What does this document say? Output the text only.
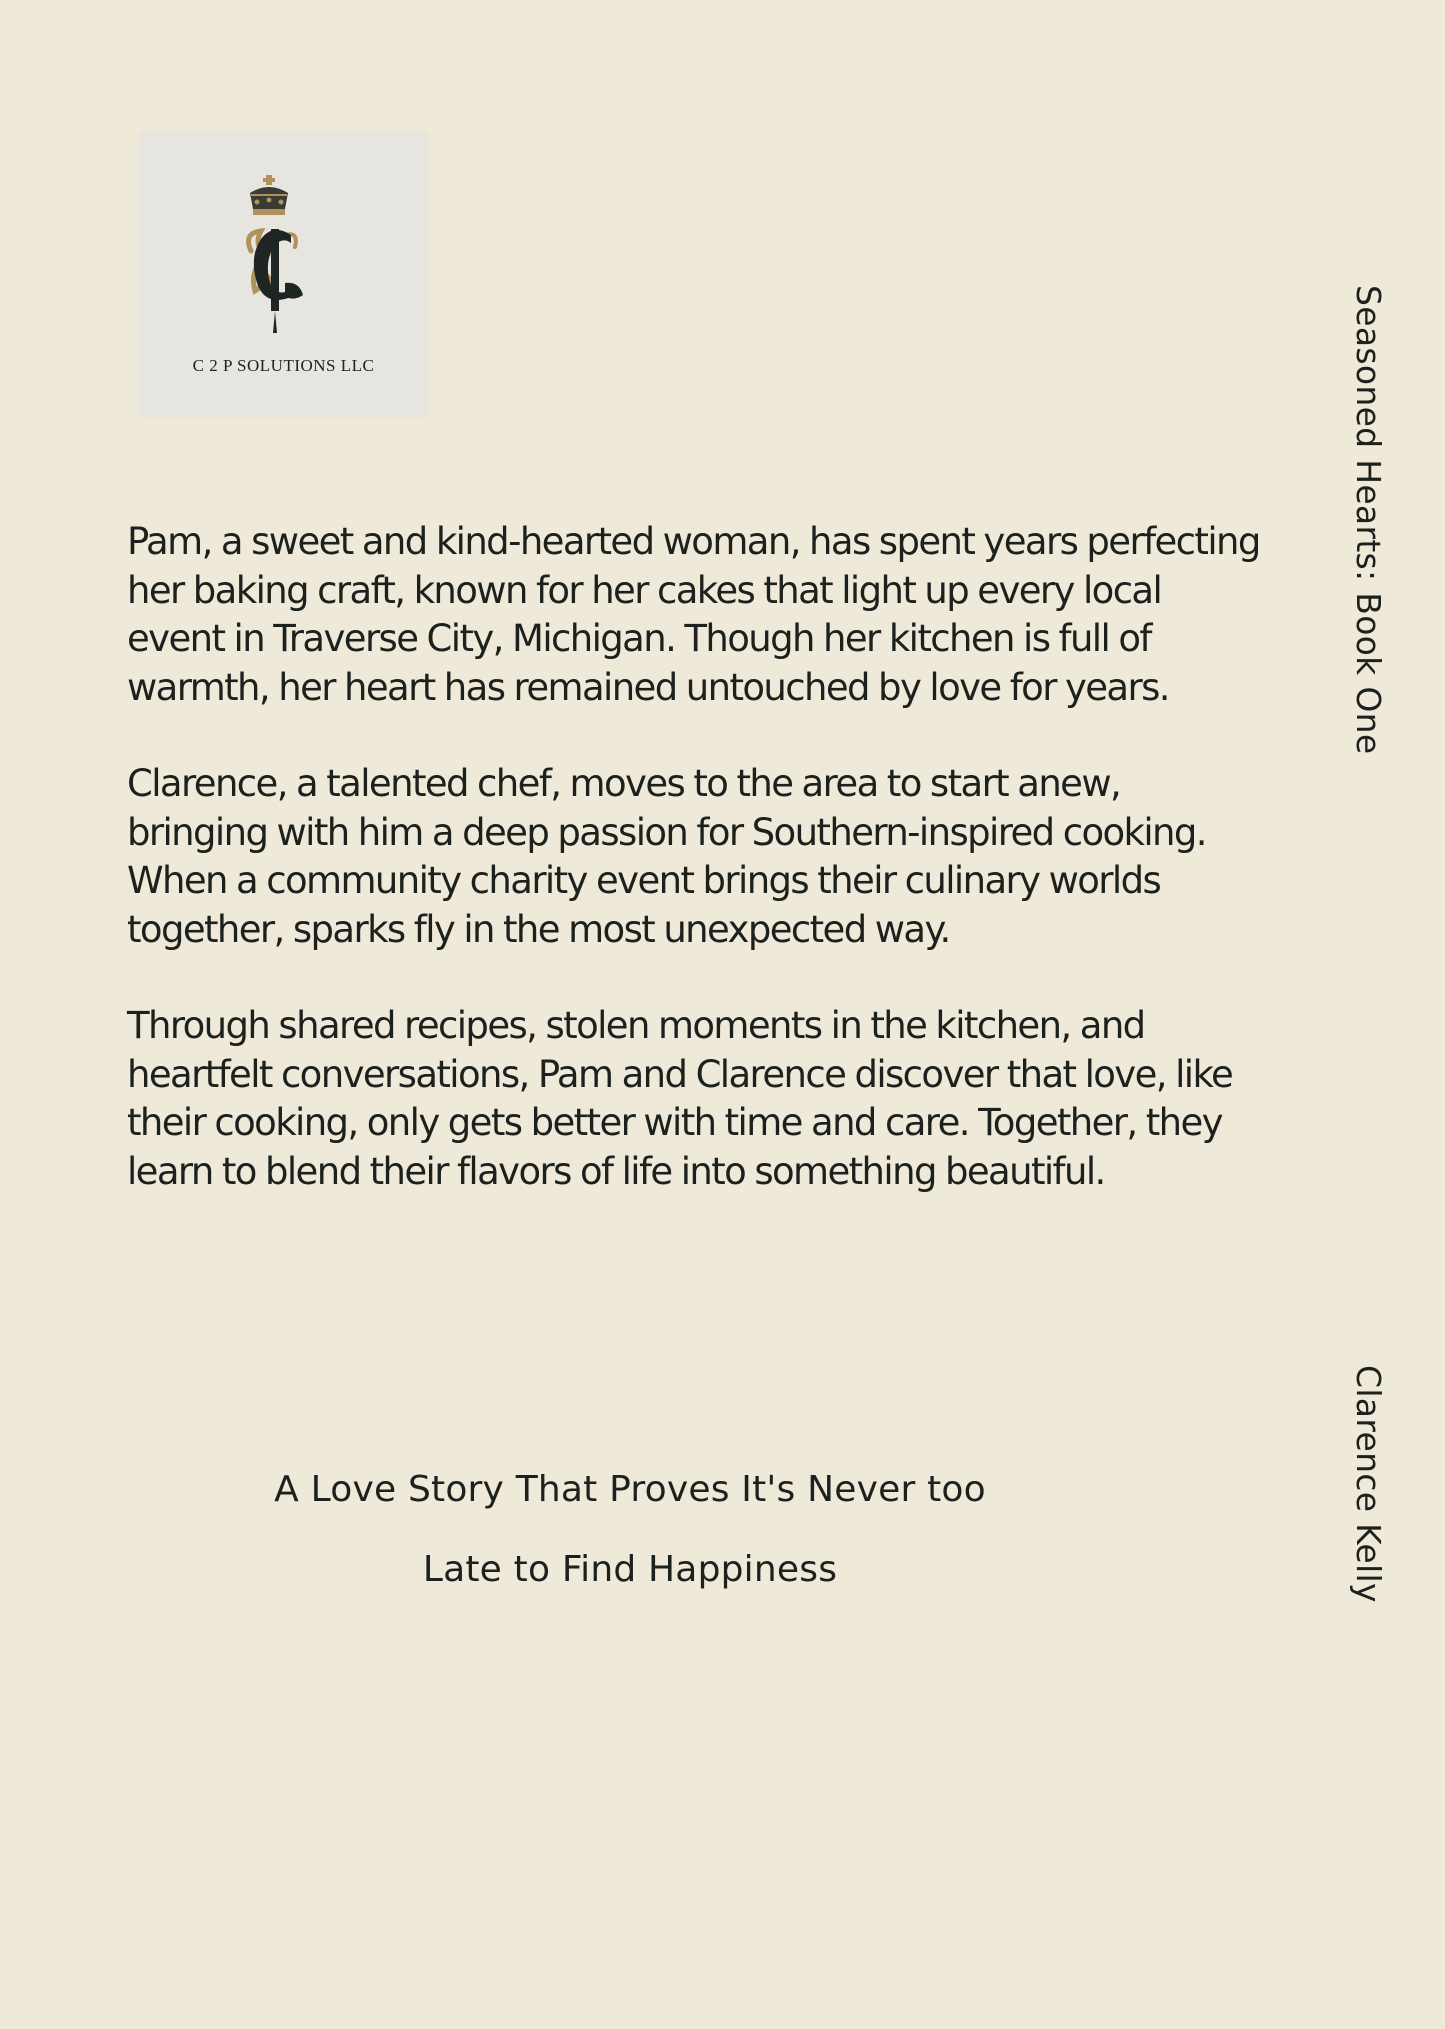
C 2 P SOLUTIONS LLC

Pam, a sweet and kind-hearted woman, has spent years perfecting her baking craft, known for her cakes that light up every local event in Traverse City, Michigan. Though her kitchen is full of warmth, her heart has remained untouched by love for years.

Clarence, a talented chef, moves to the area to start anew, bringing with him a deep passion for Southern-inspired cooking. When a community charity event brings their culinary worlds together, sparks fly in the most unexpected way.

Through shared recipes, stolen moments in the kitchen, and heartfelt conversations, Pam and Clarence discover that love, like their cooking, only gets better with time and care. Together, they learn to blend their flavors of life into something beautiful.

A Love Story That Proves It's Never too
Late to Find Happiness
Seasoned Hearts: Book One
Clarence Kelly
